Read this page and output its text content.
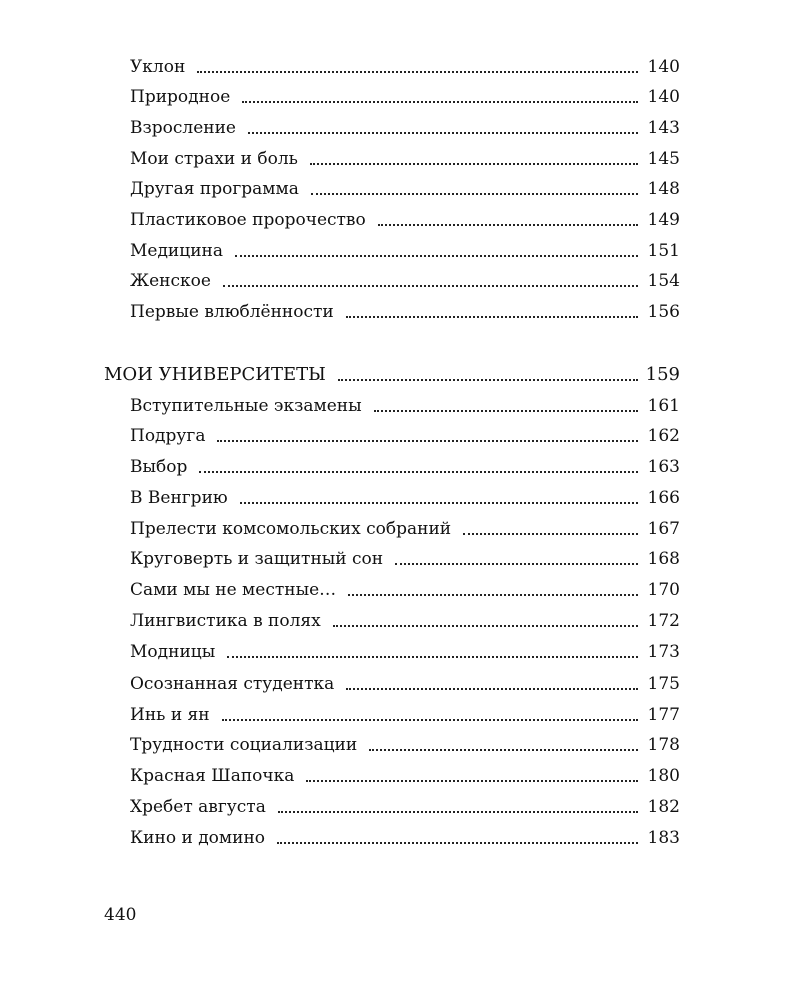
Уклон	140
Природное	140
Взросление	143
Мои страхи и боль	145
Другая программа	148
Пластиковое пророчество	149
Медицина	151
Женское	154
Первые влюблённости	156
МОИ УНИВЕРСИТЕТЫ	159
Вступительные экзамены	161
Подруга	162
Выбор	163
В Венгрию	166
Прелести комсомольских собраний	167
Круговерть и защитный сон	168
Сами мы не местные…	170
Лингвистика в полях	172
Модницы	173
Осознанная студентка	175
Инь и ян	177
Трудности социализации	178
Красная Шапочка	180
Хребет августа	182
Кино и домино	183
440
